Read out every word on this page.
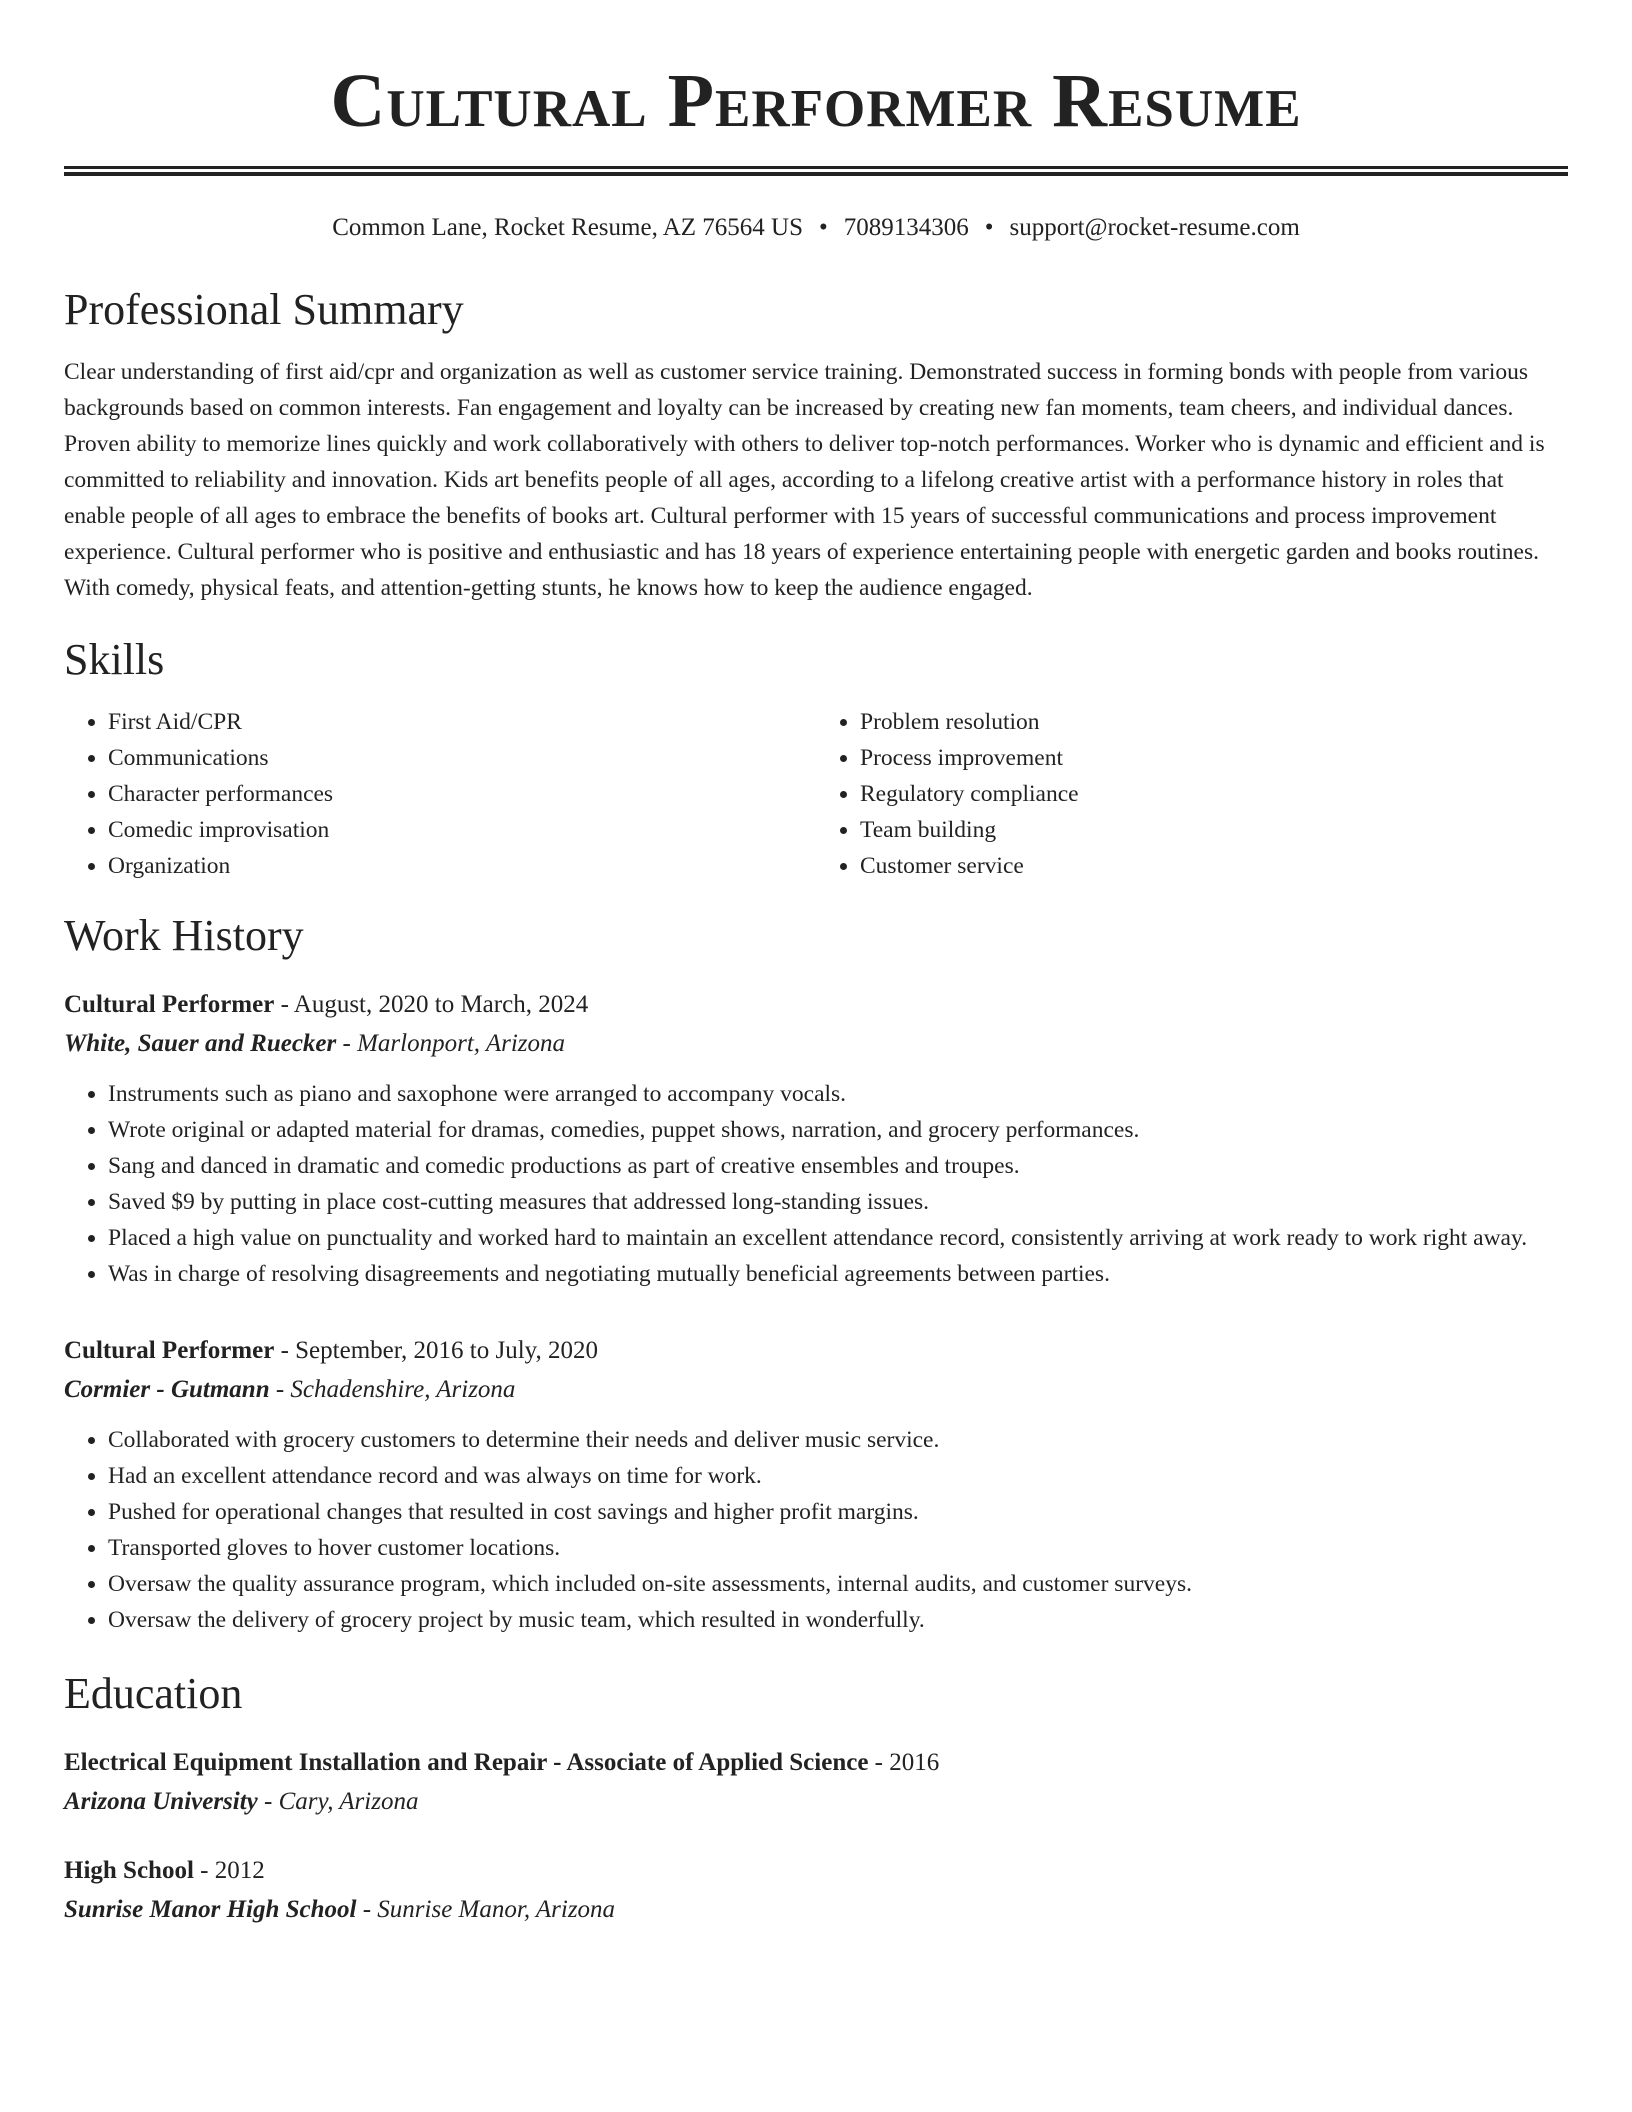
Cultural Performer Resume
Common Lane, Rocket Resume, AZ 76564 US • 7089134306 • support@rocket-resume.com
Professional Summary

Clear understanding of first aid/cpr and organization as well as customer service training. Demonstrated success in forming bonds with people from various backgrounds based on common interests. Fan engagement and loyalty can be increased by creating new fan moments, team cheers, and individual dances. Proven ability to memorize lines quickly and work collaboratively with others to deliver top-notch performances. Worker who is dynamic and efficient and is committed to reliability and innovation. Kids art benefits people of all ages, according to a lifelong creative artist with a performance history in roles that enable people of all ages to embrace the benefits of books art. Cultural performer with 15 years of successful communications and process improvement experience. Cultural performer who is positive and enthusiastic and has 18 years of experience entertaining people with energetic garden and books routines. With comedy, physical feats, and attention-getting stunts, he knows how to keep the audience engaged.

Skills
• First Aid/CPR
• Communications
• Character performances
• Comedic improvisation
• Organization
• Problem resolution
• Process improvement
• Regulatory compliance
• Team building
• Customer service
Work History
Cultural Performer - August, 2020 to March, 2024
White, Sauer and Ruecker - Marlonport, Arizona
• Instruments such as piano and saxophone were arranged to accompany vocals.
• Wrote original or adapted material for dramas, comedies, puppet shows, narration, and grocery performances.
• Sang and danced in dramatic and comedic productions as part of creative ensembles and troupes.
• Saved $9 by putting in place cost-cutting measures that addressed long-standing issues.
• Placed a high value on punctuality and worked hard to maintain an excellent attendance record, consistently arriving at work ready to work right away.
• Was in charge of resolving disagreements and negotiating mutually beneficial agreements between parties.
Cultural Performer - September, 2016 to July, 2020
Cormier - Gutmann - Schadenshire, Arizona
• Collaborated with grocery customers to determine their needs and deliver music service.
• Had an excellent attendance record and was always on time for work.
• Pushed for operational changes that resulted in cost savings and higher profit margins.
• Transported gloves to hover customer locations.
• Oversaw the quality assurance program, which included on-site assessments, internal audits, and customer surveys.
• Oversaw the delivery of grocery project by music team, which resulted in wonderfully.
Education
Electrical Equipment Installation and Repair - Associate of Applied Science - 2016
Arizona University - Cary, Arizona
High School - 2012
Sunrise Manor High School - Sunrise Manor, Arizona
